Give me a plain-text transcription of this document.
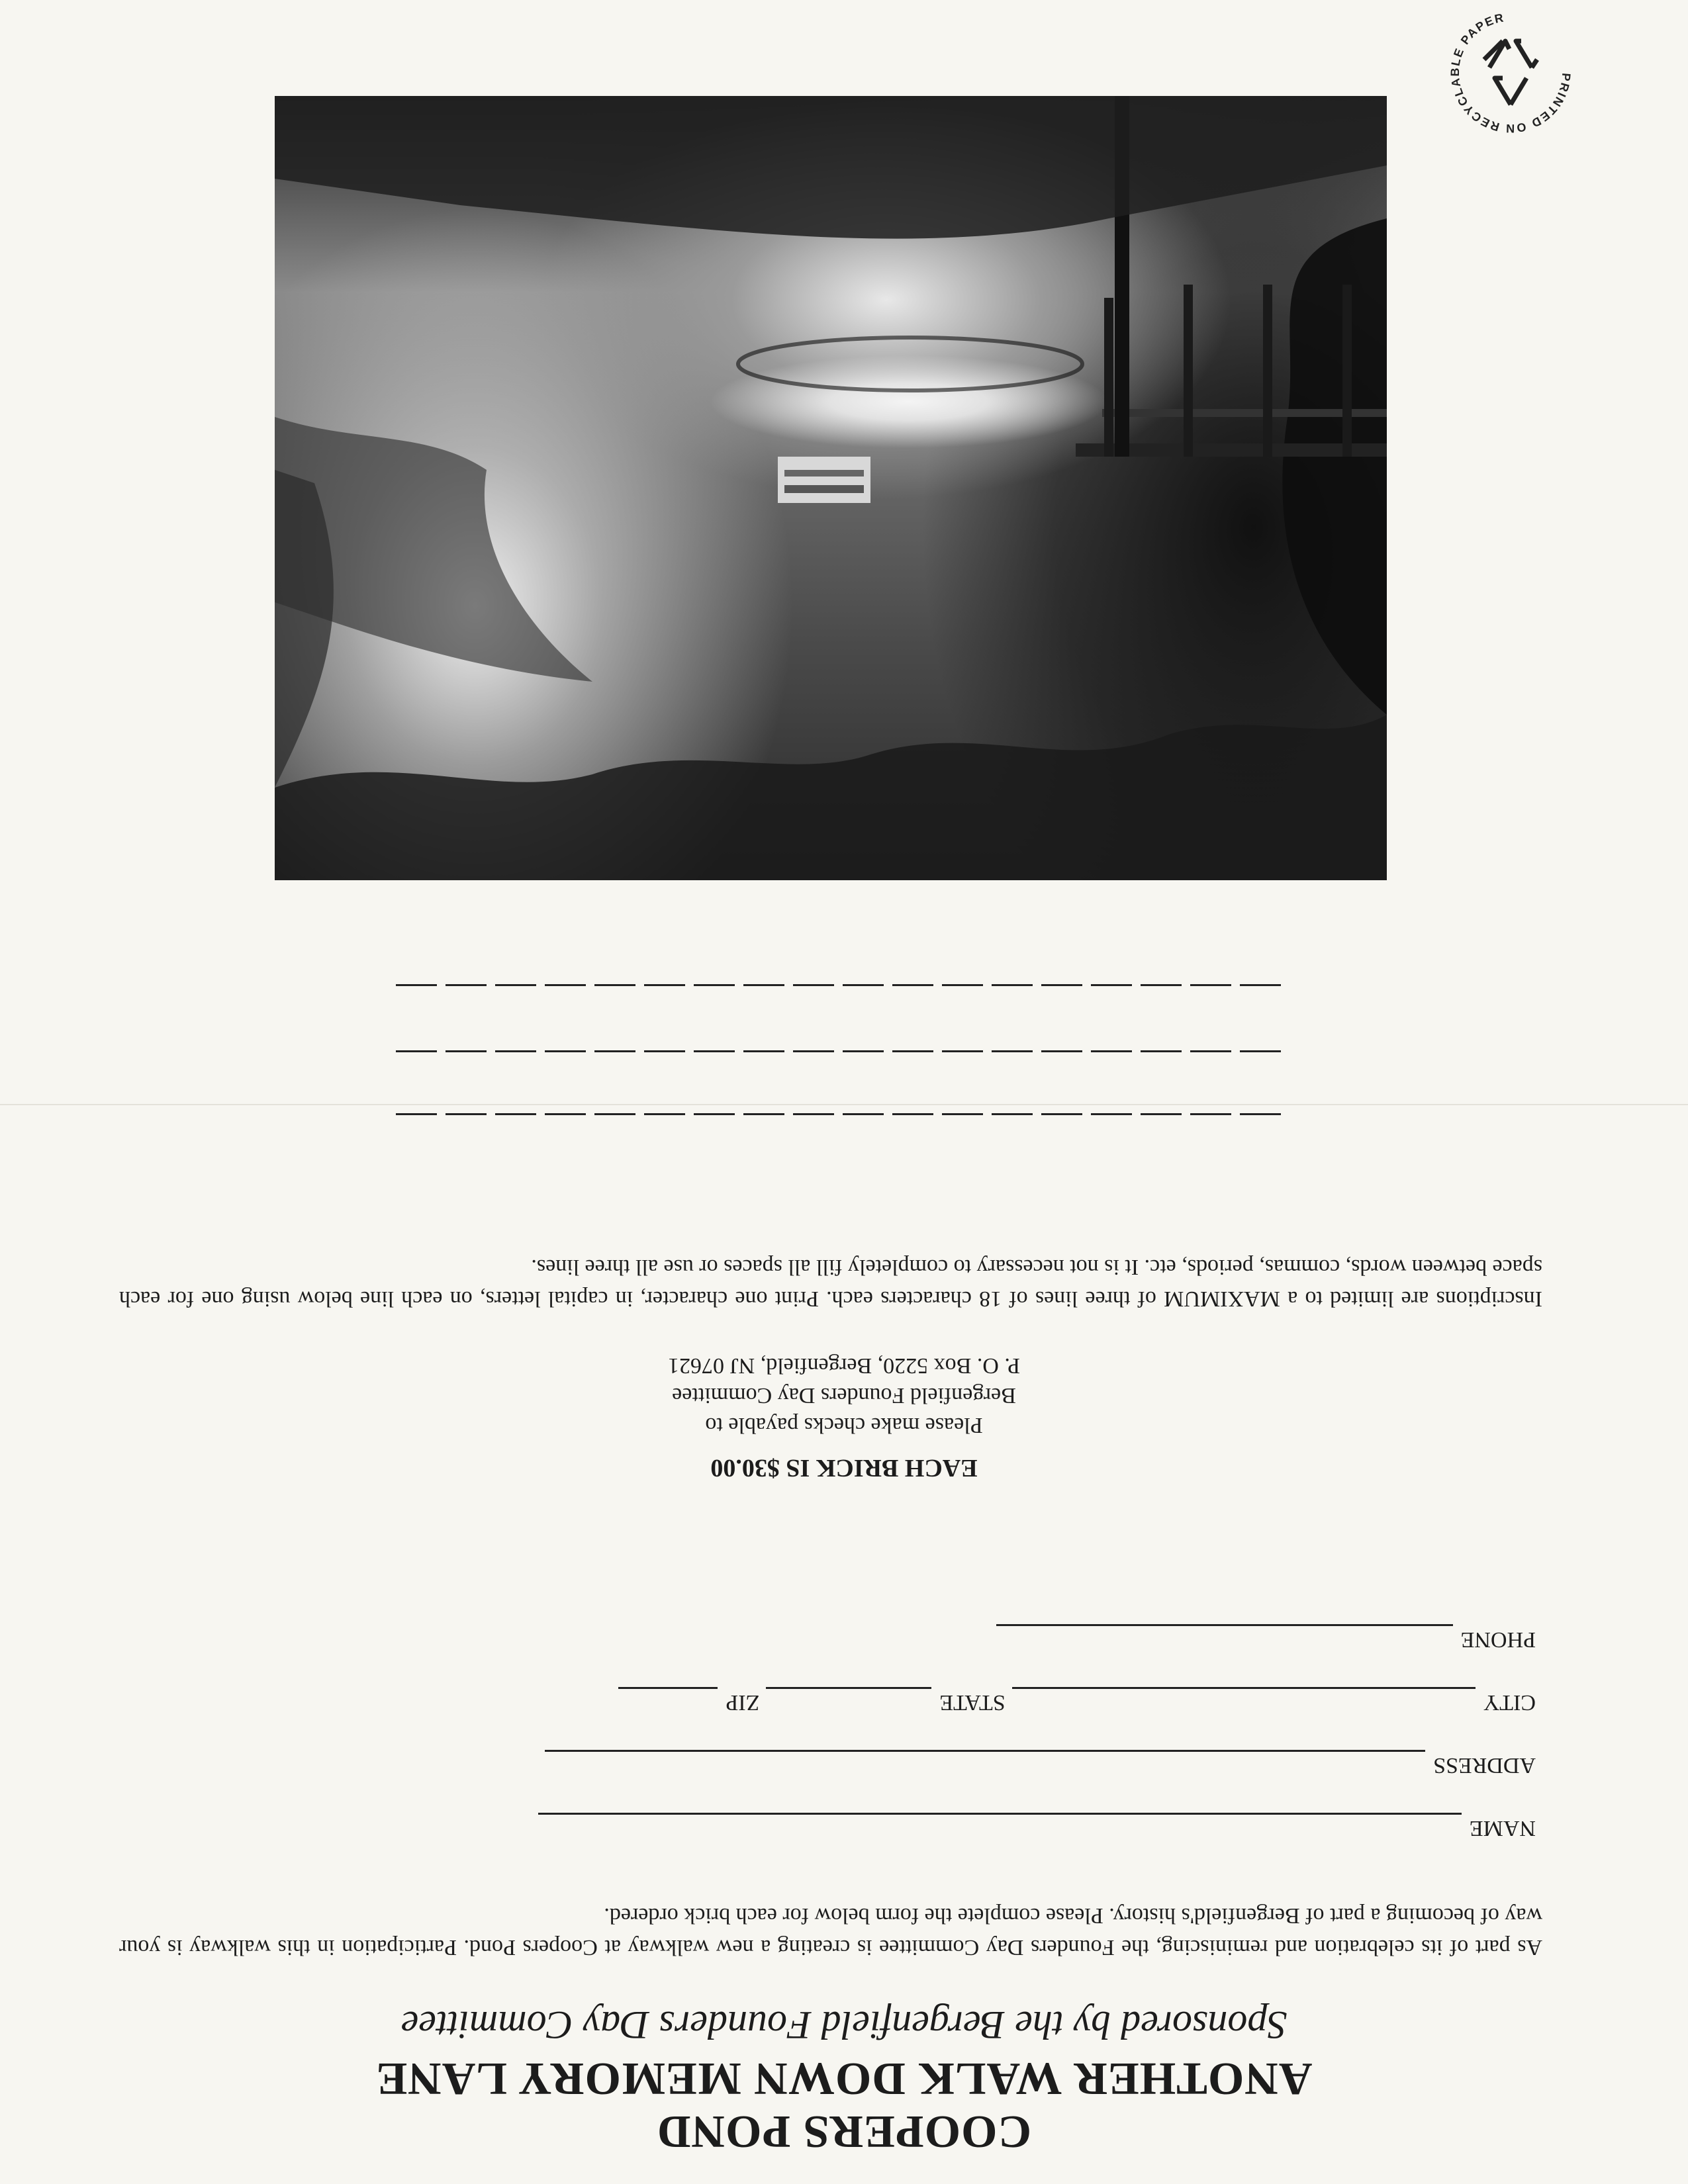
COOPERS POND
ANOTHER WALK DOWN MEMORY LANE
Sponsored by the Bergenfield Founders Day Committee

As part of its celebration and reminiscing, the Founders Day Committee is creating a new walkway at Coopers Pond. Participation in this walkway is your way of becoming a part of Bergenfield's history. Please complete the form below for each brick ordered.

NAME
ADDRESS
CITY
STATE
ZIP
PHONE
EACH BRICK IS $30.00
Please make checks payable to
Bergenfield Founders Day Committee
P. O. Box 5220, Bergenfield, NJ 07621

Inscriptions are limited to a MAXIMUM of three lines of 18 characters each. Print one character, in capital letters, on each line below using one for each space between words, commas, periods, etc. It is not necessary to completely fill all spaces or use all three lines.

PRINTED ON RECYCLABLE PAPER
